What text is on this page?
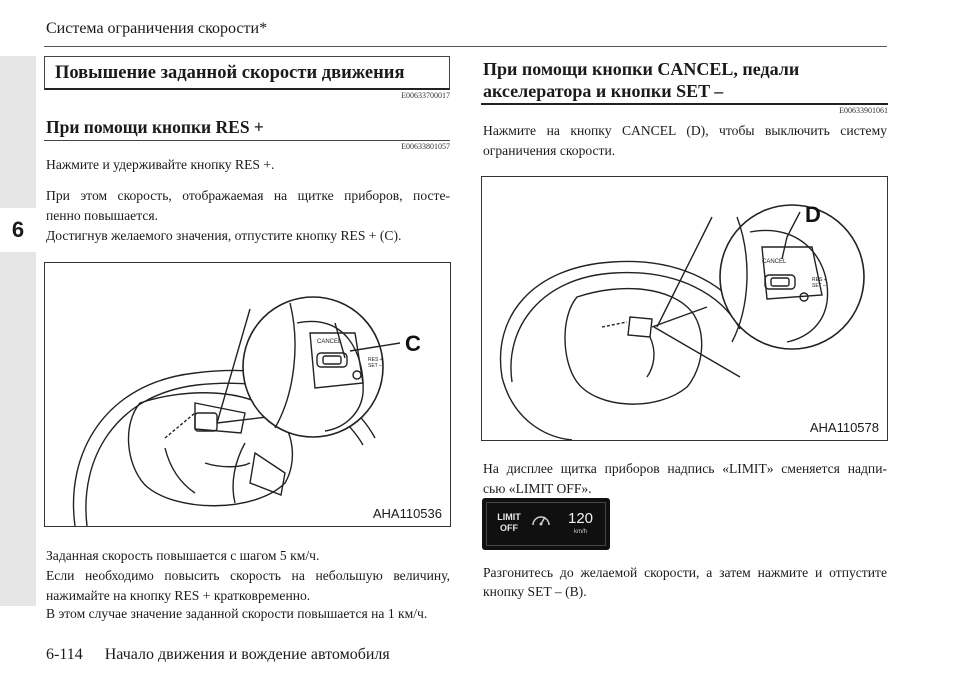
Система ограничения скорости*
6
Повышение заданной скорости движения
E00633700017
При помощи кнопки RES +
E00633801057
Нажмите и удерживайте кнопку RES +.
При этом скорость, отображаемая на щитке приборов, посте-
пенно повышается.
Достигнув желаемого значения, отпустите кнопку RES + (C).
CANCEL
RES +
SET –
C
AHA110536
Заданная скорость повышается с шагом 5 км/ч.
Если необходимо повысить скорость на небольшую величину,
нажимайте на кнопку RES + кратковременно.
В этом случае значение заданной скорости повышается на 1 км/ч.
При помощи кнопки CANCEL, педали
акселератора и кнопки SET –
E00633901061
Нажмите на кнопку CANCEL (D), чтобы выключить систему
ограничения скорости.
CANCEL
RES +
SET –
D
AHA110578
На дисплее щитка приборов надпись «LIMIT» сменяется надпи-
сью «LIMIT OFF».
LIMIT
OFF
120
km/h
Разгонитесь до желаемой скорости, а затем нажмите и отпустите
кнопку SET – (B).
6-114 Начало движения и вождение автомобиля
